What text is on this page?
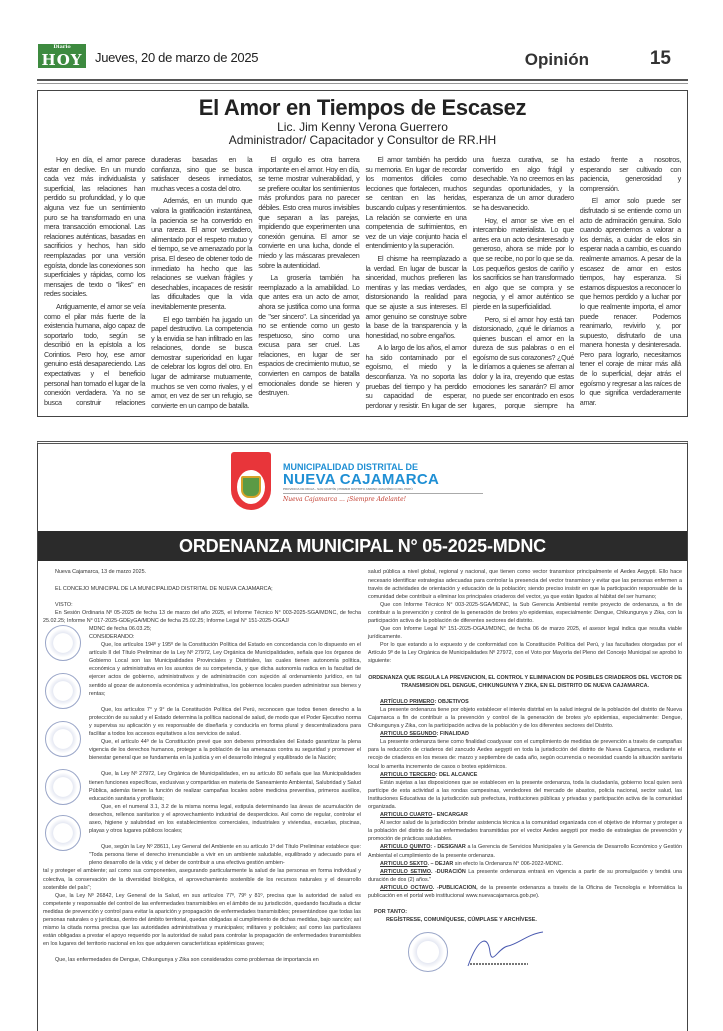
Diario
HOY Jueves, 20 de marzo de 2025	Opinión	15
El Amor en Tiempos de Escasez
Lic. Jim Kenny Verona Guerrero
Administrador/ Capacitador y Consultor de RR.HH

Hoy en día, el amor parece estar en declive. En un mundo cada vez más individualista y superficial, las relaciones han perdido su profundidad, y lo que alguna vez fue un sentimiento puro se ha transformado en una mera transacción emocional. Las relaciones auténticas, basadas en sacrificios y hechos, han sido reemplazadas por una versión egoísta, donde las conexiones son superficiales y rápidas, como los mensajes de texto o "likes" en redes sociales.

Antiguamente, el amor se veía como el pilar más fuerte de la existencia humana, algo capaz de soportarlo todo, según se describió en la epístola a los Corintios. Pero hoy, ese amor genuino está desapareciendo. Las expectativas y el beneficio personal han tomado el lugar de la conexión verdadera. Ya no se busca construir relaciones duraderas basadas en la confianza, sino que se busca satisfacer deseos inmediatos, muchas veces a costa del otro.

Además, en un mundo que valora la gratificación instantánea, la paciencia se ha convertido en una rareza. El amor verdadero, alimentado por el respeto mutuo y el tiempo, se ve amenazado por la prisa. El deseo de obtener todo de inmediato ha hecho que las relaciones se vuelvan frágiles y desechables, incapaces de resistir las dificultades que la vida inevitablemente presenta.

El ego también ha jugado un papel destructivo. La competencia y la envidia se han infiltrado en las relaciones, donde se busca demostrar superioridad en lugar de celebrar los logros del otro. En lugar de admirarse mutuamente, muchos se ven como rivales, y el amor, en vez de ser un refugio, se convierte en un campo de batalla.

El orgullo es otra barrera importante en el amor. Hoy en día, se teme mostrar vulnerabilidad, y se prefiere ocultar los sentimientos más profundos para no parecer débiles. Esto crea muros invisibles que separan a las parejas, impidiendo que experimenten una conexión genuina. El amor se convierte en una lucha, donde el miedo y las máscaras prevalecen sobre la autenticidad.

La grosería también ha reemplazado a la amabilidad. Lo que antes era un acto de amor, ahora se justifica como una forma de "ser sincero". La sinceridad ya no se entiende como un gesto respetuoso, sino como una excusa para ser cruel. Las relaciones, en lugar de ser espacios de crecimiento mutuo, se convierten en campos de batalla emocionales donde se hieren y destruyen.

El amor también ha perdido su memoria. En lugar de recordar los momentos difíciles como lecciones que fortalecen, muchos se centran en las heridas, buscando culpas y resentimientos. La relación se convierte en una competencia de sufrimientos, en vez de un viaje conjunto hacia el entendimiento y la superación.

El chisme ha reemplazado a la verdad. En lugar de buscar la sinceridad, muchos prefieren las mentiras y las medias verdades, distorsionando la realidad para que se ajuste a sus intereses. El amor genuino se construye sobre la base de la transparencia y la honestidad, no sobre engaños.

A lo largo de los años, el amor ha sido contaminado por el egoísmo, el miedo y la desconfianza. Ya no soporta las pruebas del tiempo y ha perdido su capacidad de esperar, perdonar y resistir. En lugar de ser una fuerza curativa, se ha convertido en algo frágil y desechable. Ya no creemos en las segundas oportunidades, y la esperanza de un amor duradero se ha desvanecido.

Hoy, el amor se vive en el intercambio materialista. Lo que antes era un acto desinteresado y generoso, ahora se mide por lo que se recibe, no por lo que se da. Los pequeños gestos de cariño y los sacrificios se han transformado en algo que se compra y se negocia, y el amor auténtico se pierde en la superficialidad.

Pero, si el amor hoy está tan distorsionado, ¿qué le diríamos a quienes buscan el amor en la dureza de sus palabras o en el egoísmo de sus corazones? ¿Qué le diríamos a quienes se aferran al dolor y la ira, creyendo que estas emociones les sanarán? El amor no puede ser encontrado en esos lugares, porque siempre ha estado frente a nosotros, esperando ser cultivado con paciencia, generosidad y comprensión.

El amor solo puede ser disfrutado si se entiende como un acto de admiración genuina. Solo cuando aprendemos a valorar a los demás, a cuidar de ellos sin esperar nada a cambio, es cuando realmente amamos. A pesar de la escasez de amor en estos tiempos, hay esperanza. Si estamos dispuestos a reconocer lo que hemos perdido y a luchar por lo que realmente importa, el amor puede renacer. Podemos reanimarlo, revivirlo y, por supuesto, disfrutarlo de una manera honesta y desinteresada. Pero para lograrlo, necesitamos tener el coraje de mirar más allá de lo superficial, dejar atrás el egoísmo y regresar a las raíces de lo que significa verdaderamente amar.

MUNICIPALIDAD DISTRITAL DE
NUEVA CAJAMARCA
PROVINCIA DE RIOJA - SAN MARTÍN | PRIMER DISTRITO ANDINO AMAZÓNICO DEL PERÚ
Nueva Cajamarca ... ¡Siempre Adelante!
ORDENANZA MUNICIPAL N° 05-2025-MDNC

Nueva Cajamarca, 13 de marzo 2025.

EL CONCEJO MUNICIPAL DE LA MUNICIPALIDAD DISTRITAL DE NUEVA CAJAMARCA;

VISTO:

En Sesión Ordinaria Nº 05-2025 de fecha 13 de marzo del año 2025, el Informe Técnico N° 003-2025-SGA/MDNC, de fecha 25.02.25; Informe N° 017-2025-GDEyGA/MDNC de fecha 25.02.25; Informe Legal N° 151-2025-OGAJ/

MDNC de fecha 06.03.25;

CONSIDERANDO:

Que, los artículos 194º y 195º de la Constitución Política del Estado en concordancia con lo dispuesto en el artículo II del Título Preliminar de la Ley Nº 27972, Ley Orgánica de Municipalidades, señala que los órganos de Gobierno Local son las Municipalidades Provinciales y Distritales, las cuales tienen autonomía política, económica y administrativa en los asuntos de su competencia, y que dicha autonomía radica en la facultad de ejercer actos de gobierno, administrativos y de administración con sujeción al ordenamiento jurídico, en tal sentido al gozar de autonomía económica y administrativa, los gobiernos locales pueden administrar sus bienes y rentas;

Que, los artículos 7° y 9° de la Constitución Política del Perú, reconocen que todos tienen derecho a la protección de su salud y el Estado determina la política nacional de salud, de modo que el Poder Ejecutivo norma y supervisa su aplicación y es responsable de diseñarla y conducirla en forma plural y descentralizadora para facilitar a todos los accesos equitativos a los servicios de salud.

Que, el artículo 44º de la Constitución prevé que son deberes primordiales del Estado garantizar la plena vigencia de los derechos humanos, proteger a la población de las amenazas contra su seguridad y promover el bienestar general que se fundamenta en la justicia y en el desarrollo integral y equilibrado de la Nación;

Que, la Ley Nº 27972, Ley Orgánica de Municipalidades, en su artículo 80 señala que las Municipalidades tienen funciones específicas, exclusivas y compartidas en materia de Saneamiento Ambiental, Salubridad y Salud Pública, además tienen la función de realizar campañas locales sobre medicina preventiva, primeros auxilios, educación sanitaria y profilaxis;

Que, en el numeral 3.1, 3.2 de la misma norma legal, estipula determinando las áreas de acumulación de desechos, rellenos sanitarios y el aprovechamiento industrial de desperdicios. Así como de regular, controlar el aseo, higiene y salubridad en los establecimientos comerciales, industriales y viviendas, escuelas, piscinas, playas y otros lugares públicos locales;

Que, según la Ley Nº 28611, Ley General del Ambiente en su artículo 1º del Título Preliminar establece que: "Toda persona tiene el derecho irrenunciable a vivir en un ambiente saludable, equilibrado y adecuado para el pleno desarrollo de la vida; y el deber de contribuir a una efectiva gestión ambien-

tal y proteger el ambiente; así como sus componentes, asegurando particularmente la salud de las personas en forma individual y colectiva, la conservación de la diversidad biológica, el aprovechamiento sostenible de los recursos naturales y el desarrollo sostenible del país";

Que, la Ley Nº 26842, Ley General de la Salud, en sus artículos 77º, 79º y 81º, precisa que la autoridad de salud es competente y responsable del control de las enfermedades transmisibles en el ámbito de su jurisdicción, quedando facultada a dictar medidas de prevención y control para evitar la aparición y propagación de enfermedades transmisibles; presentándose que todas las personas naturales o y jurídicas, dentro del ámbito territorial, quedan obligadas al cumplimiento de dichas medidas, bajo sanción; así mismo la citada norma precisa que las autoridades administrativas y municipales; militares y policiales; así como las particulares están obligadas a prestar el apoyo requerido por la autoridad de salud para controlar la propagación de enfermedades transmisibles en los lugares del territorio nacional en los que adquieren características epidémicas graves;

Que, las enfermedades de Dengue, Chikungunya y Zika son considerados como problemas de importancia en

salud pública a nivel global, regional y nacional, que tienen como vector transmisor principalmente el Aedes Aegypti. Ello hace necesario identificar estrategias adecuadas para controlar la presencia del vector transmisor y evitar que las personas enfermen a través de actividades de orientación y educación de la población; siendo preciso insistir en que la participación responsable de la comunidad debe contribuir a eliminar los principales criaderos del vector, ya que están ligados al hábitat del ser humano;

Que con Informe Técnico N° 003-2025-SGA/MDNC, la Sub Gerencia Ambiental remite proyecto de ordenanza, a fin de contribuir a la prevención y control de la generación de brotes y/o epidemias, especialmente: Dengue, Chikungunya y Zika, con la participación activa de la población de diferentes sectores del distrito.

Que con Informe Legal N° 151-2025-OGAJ/MDNC, de fecha 06 de marzo 2025, el asesor legal indica que resulta viable jurídicamente.

Por lo que estando a lo expuesto y de conformidad con la Constitución Política del Perú, y las facultades otorgadas por el Artículo 9º de la Ley Orgánica de Municipalidades Nº 27972, con el Voto por Mayoría del Pleno del Concejo Municipal se aprobó lo siguiente:

ORDENANZA QUE REGULA LA PREVENCION, EL CONTROL Y ELIMINACION DE POSIBLES CRIADEROS DEL VECTOR DE TRANSMISION DEL DENGUE, CHIKUNGUNYA Y ZIKA, EN EL DISTRITO DE NUEVA CAJAMARCA.

ARTÍCULO PRIMERO: OBJETIVOS
La presente ordenanza tiene por objeto establecer el interés distrital en la salud integral de la población del distrito de Nueva Cajamarca a fin de contribuir a la prevención y control de la generación de brotes y/o epidemias, especialmente: Dengue, Chikungunya y Zika, con la participación activa de la población y de los diferentes sectores del Distrito.

ARTICULO SEGUNDO: FINALIDAD
La presente ordenanza tiene como finalidad coadyuvar con el cumplimiento de medidas de prevención a través de campañas para la reducción de criaderos del zancudo Aedes aegypti en toda la jurisdicción del distrito de Nueva Cajamarca, mediante el recojo de criaderos en los meses de: marzo y septiembre de cada año, según ocurrencia o necesidad cuando la situación sanitaria local lo amerita incremento de casos o brotes epidémicos.

ARTICULO TERCERO: DEL ALCANCE
Están sujetas a las disposiciones que se establecen en la presente ordenanza, toda la ciudadanía, gobierno local quien será partícipe de esta actividad a las rondas campesinas, vendedores del mercado de abastos, policía nacional, sector salud, las Instituciones Educativas de la jurisdicción sub prefectura, instituciones públicas y privadas y participación activa de la comunidad organizada.

ARTICULO CUARTO– ENCARGAR
Al sector salud de la jurisdicción brindar asistencia técnica a la comunidad organizada con el objetivo de informar y proteger a la población del distrito de las enfermedades transmitidas por el vector Aedes aegypti por medio de estrategias de prevención y promoción de prácticas saludables.

ARTICULO QUINTO: - DESIGNAR a la Gerencia de Servicios Municipales y la Gerencia de Desarrollo Económico y Gestión Ambiental el cumplimiento de la presente ordenanza.

ARTICULO SEXTO. – DEJAR sin efecto la Ordenanza N° 006-2022-MDNC.

ARTICULO SETIMO. -DURACIÓN La presente ordenanza entrará en vigencia a partir de su promulgación y tendrá una duración de dos (2) años."

ARTICULO OCTAVO. -PUBLICACION, de la presente ordenanza a través de la Oficina de Tecnología e Informática la publicación en el portal web institucional www.nuevacajamarca.gob.pe).

POR TANTO:

REGÍSTRESE, COMUNÍQUESE, CÚMPLASE Y ARCHÍVESE.
